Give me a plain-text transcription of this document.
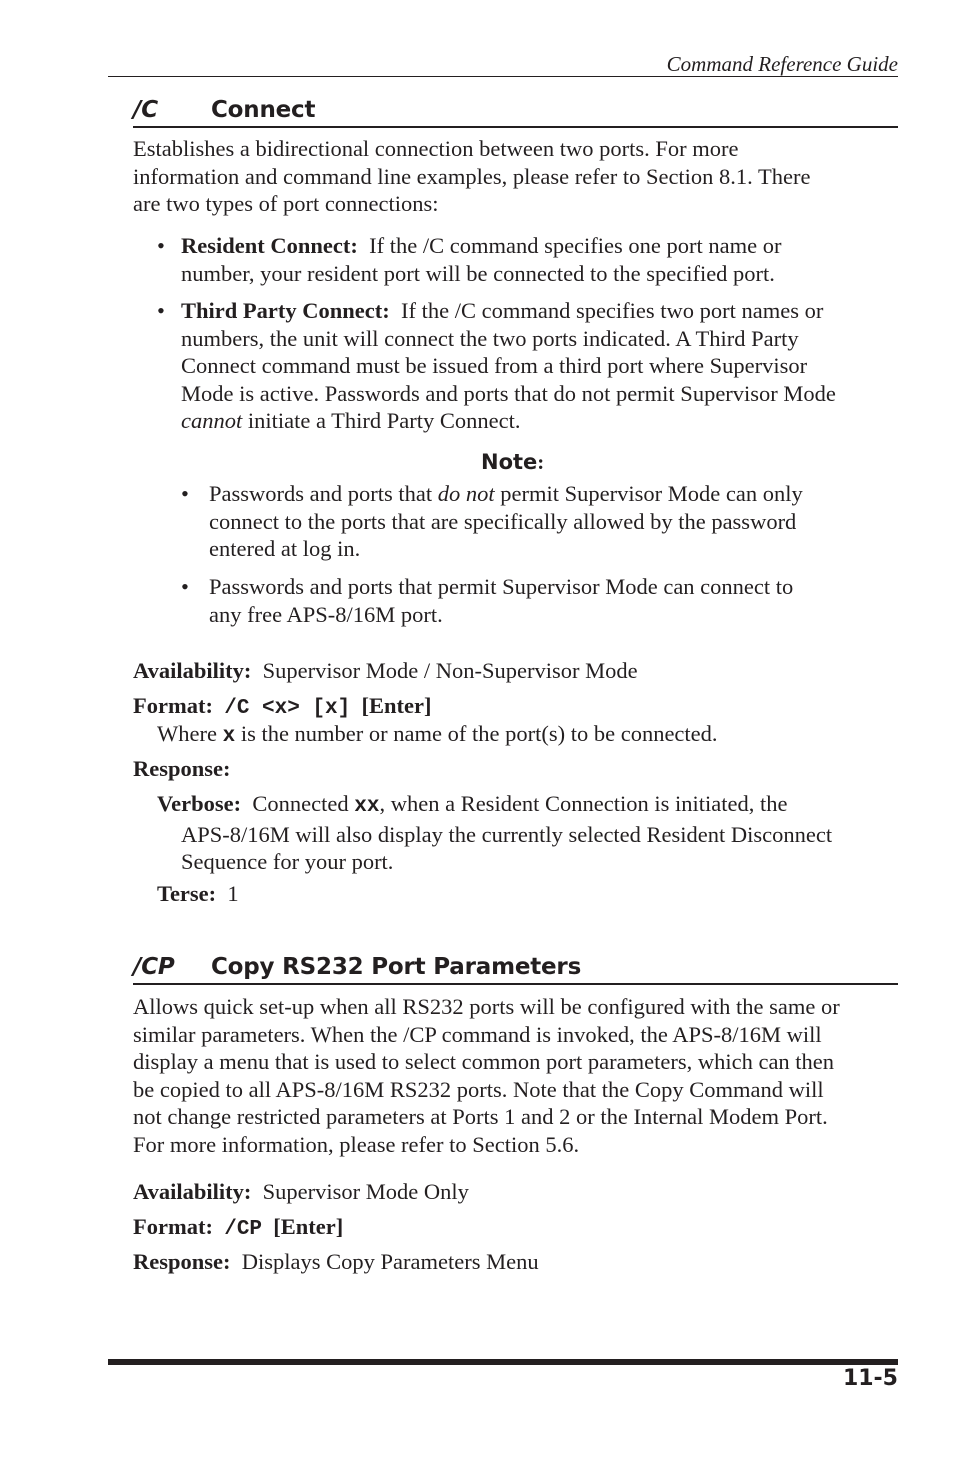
Command Reference Guide
/C Connect
Establishes a bidirectional connection between two ports. For more
information and command line examples, please refer to Section 8.1. There
are two types of port connections:
• Resident Connect: If the /C command specifies one port name or
number, your resident port will be connected to the specified port.
• Third Party Connect: If the /C command specifies two port names or
numbers, the unit will connect the two ports indicated. A Third Party
Connect command must be issued from a third port where Supervisor
Mode is active. Passwords and ports that do not permit Supervisor Mode
cannot initiate a Third Party Connect.
Note:
• Passwords and ports that do not permit Supervisor Mode can only
connect to the ports that are specifically allowed by the password
entered at log in.
• Passwords and ports that permit Supervisor Mode can connect to
any free APS-8/16M port.
Availability: Supervisor Mode / Non-Supervisor Mode
Format: /C <x> [x] [Enter]
Where x is the number or name of the port(s) to be connected.
Response:
Verbose: Connected xx, when a Resident Connection is initiated, the
APS-8/16M will also display the currently selected Resident Disconnect
Sequence for your port.
Terse: 1
/CP Copy RS232 Port Parameters
Allows quick set-up when all RS232 ports will be configured with the same or
similar parameters. When the /CP command is invoked, the APS-8/16M will
display a menu that is used to select common port parameters, which can then
be copied to all APS-8/16M RS232 ports. Note that the Copy Command will
not change restricted parameters at Ports 1 and 2 or the Internal Modem Port.
For more information, please refer to Section 5.6.
Availability: Supervisor Mode Only
Format: /CP [Enter]
Response: Displays Copy Parameters Menu
11-5
